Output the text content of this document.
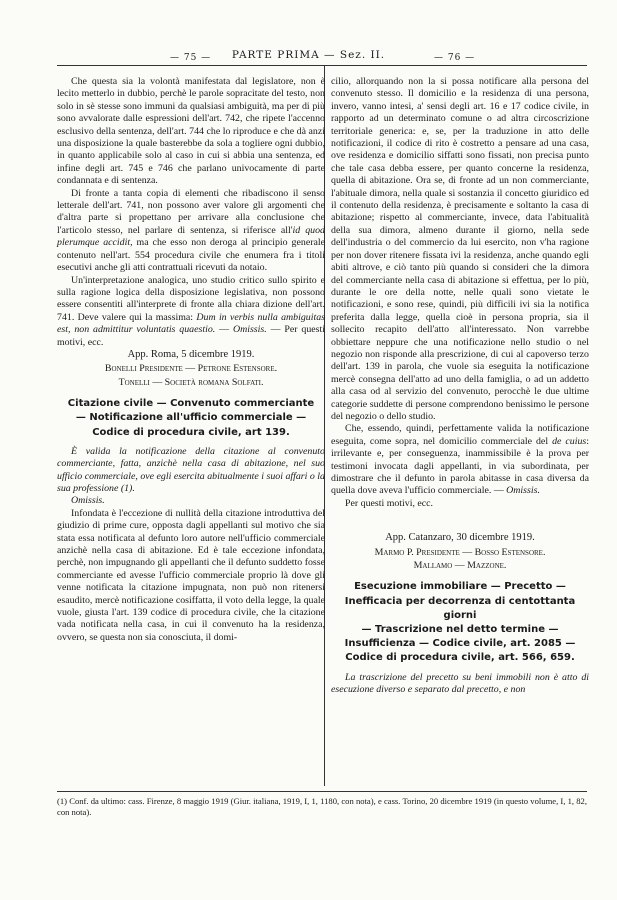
— 75 —	PARTE PRIMA — Sez. II.	— 76 —

Che questa sia la volontà manifestata dal legislatore, non è lecito metterlo in dubbio, perchè le parole sopracitate del testo, non solo in sè stesse sono immuni da qualsiasi ambiguità, ma per di più sono avvalorate dalle espressioni dell'art. 742, che ripete l'accenno esclusivo della sentenza, dell'art. 744 che lo riproduce e che dà anzi una disposizione la quale basterebbe da sola a togliere ogni dubbio, in quanto applicabile solo al caso in cui si abbia una sentenza, ed infine degli art. 745 e 746 che parlano univocamente di parte condannata e di sentenza.

Di fronte a tanta copia di elementi che ribadiscono il senso letterale dell'art. 741, non possono aver valore gli argomenti che d'altra parte si propettano per arrivare alla conclusione che l'articolo stesso, nel parlare di sentenza, si riferisce all'id quod plerumque accidit, ma che esso non deroga al principio generale contenuto nell'art. 554 procedura civile che enumera fra i titoli esecutivi anche gli atti contrattuali ricevuti da notaio.

Un'interpretazione analogica, uno studio critico sullo spirito e sulla ragione logica della disposizione legislativa, non possono essere consentiti all'interprete di fronte alla chiara dizione dell'art. 741. Deve valere qui la massima: Dum in verbis nulla ambiguitas est, non admittitur voluntatis quaestio. — Omissis. — Per questi motivi, ecc.

App. Roma, 5 dicembre 1919.

Bonelli Presidente — Petrone Estensore.

Tonelli — Società romana Solfati.

Citazione civile — Convenuto commerciante
— Notificazione all'ufficio commerciale —
Codice di procedura civile, art 139.

È valida la notificazione della citazione al convenuto commerciante, fatta, anzichè nella casa di abitazione, nel suo ufficio commerciale, ove egli esercita abitualmente i suoi affari o la sua professione (1).

Omissis.

Infondata è l'eccezione di nullità della citazione introduttiva del giudizio di prime cure, opposta dagli appellanti sul motivo che sia stata essa notificata al defunto loro autore nell'ufficio commerciale anzichè nella casa di abitazione. Ed è tale eccezione infondata, perchè, non impugnando gli appellanti che il defunto suddetto fosse commerciante ed avesse l'ufficio commerciale proprio là dove gli venne notificata la citazione impugnata, non può non ritenersi esaudito, mercè notificazione cosiffatta, il voto della legge, la quale vuole, giusta l'art. 139 codice di procedura civile, che la citazione vada notificata nella casa, in cui il convenuto ha la residenza, ovvero, se questa non sia conosciuta, il domi-

cilio, allorquando non la si possa notificare alla persona del convenuto stesso. Il domicilio e la residenza di una persona, invero, vanno intesi, a' sensi degli art. 16 e 17 codice civile, in rapporto ad un determinato comune o ad altra circoscrizione territoriale generica: e, se, per la traduzione in atto delle notificazioni, il codice di rito è costretto a pensare ad una casa, ove residenza e domicilio siffatti sono fissati, non precisa punto che tale casa debba essere, per quanto concerne la residenza, quella di abitazione. Ora se, di fronte ad un non commerciante, l'abituale dimora, nella quale si sostanzia il concetto giuridico ed il contenuto della residenza, è precisamente e soltanto la casa di abitazione; rispetto al commerciante, invece, data l'abitualità della sua dimora, almeno durante il giorno, nella sede dell'industria o del commercio da lui esercito, non v'ha ragione per non dover ritenere fissata ivi la residenza, anche quando egli abiti altrove, e ciò tanto più quando si consideri che la dimora del commerciante nella casa di abitazione si effettua, per lo più, durante le ore della notte, nelle quali sono vietate le notificazioni, e sono rese, quindi, più difficili ivi sia la notifica preferita dalla legge, quella cioè in persona propria, sia il sollecito recapito dell'atto all'interessato. Non varrebbe obbiettare neppure che una notificazione nello studio o nel negozio non risponde alla prescrizione, di cui al capoverso terzo dell'art. 139 in parola, che vuole sia eseguita la notificazione mercè consegna dell'atto ad uno della famiglia, o ad un addetto alla casa od al servizio del convenuto, perocchè le due ultime categorie suddette di persone comprendono benissimo le persone del negozio o dello studio.

Che, essendo, quindi, perfettamente valida la notificazione eseguita, come sopra, nel domicilio commerciale del de cuius: irrilevante e, per conseguenza, inammissibile è la prova per testimoni invocata dagli appellanti, in via subordinata, per dimostrare che il defunto in parola abitasse in casa diversa da quella dove aveva l'ufficio commerciale. — Omissis.

Per questi motivi, ecc.

App. Catanzaro, 30 dicembre 1919.

Marmo P. Presidente — Bosso Estensore.

Mallamo — Mazzone.

Esecuzione immobiliare — Precetto — Inefficacia per decorrenza di centottanta giorni
— Trascrizione nel detto termine — Insufficienza — Codice civile, art. 2085 —
Codice di procedura civile, art. 566, 659.

La trascrizione del precetto su beni immobili non è atto di esecuzione diverso e separato dal precetto, e non

(1) Conf. da ultimo: cass. Firenze, 8 maggio 1919 (Giur. italiana, 1919, I, 1, 1180, con nota), e cass. Torino, 20 dicembre 1919 (in questo volume, I, 1, 82, con nota).
